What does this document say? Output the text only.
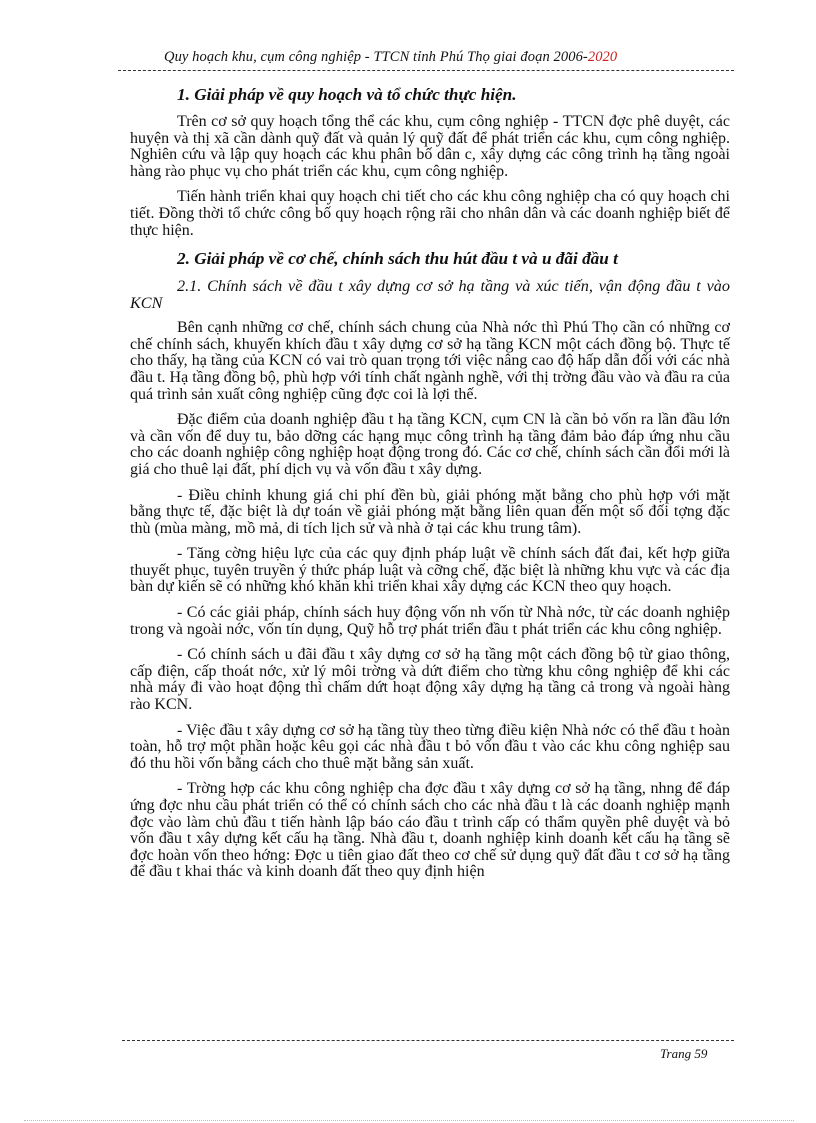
Quy hoạch khu, cụm công nghiệp - TTCN tỉnh Phú Thọ giai đoạn 2006-2020
1. Giải pháp về quy hoạch và tổ chức thực hiện.

Trên cơ sở quy hoạch tổng thể các khu, cụm công nghiệp - TTCN đợc phê duyệt, các huyện và thị xã cần dành quỹ đất và quản lý quỹ đất để phát triển các khu, cụm công nghiệp. Nghiên cứu và lập quy hoạch các khu phân bố dân c, xây dựng các công trình hạ tầng ngoài hàng rào phục vụ cho phát triển các khu, cụm công nghiệp.

Tiến hành triển khai quy hoạch chi tiết cho các khu công nghiệp cha có quy hoạch chi tiết. Đồng thời tổ chức công bố quy hoạch rộng rãi cho nhân dân và các doanh nghiệp biết để thực hiện.

2. Giải pháp về cơ chế, chính sách thu hút đầu t và u đãi đầu t
2.1. Chính sách về đầu t xây dựng cơ sở hạ tầng và xúc tiến, vận động đầu t vào KCN

Bên cạnh những cơ chế, chính sách chung của Nhà nớc thì Phú Thọ cần có những cơ chế chính sách, khuyến khích đầu t xây dựng cơ sở hạ tầng KCN một cách đồng bộ. Thực tế cho thấy, hạ tầng của KCN có vai trò quan trọng tới việc nâng cao độ hấp dẫn đối với các nhà đầu t. Hạ tầng đồng bộ, phù hợp với tính chất ngành nghề, với thị trờng đầu vào và đầu ra của quá trình sản xuất công nghiệp cũng đợc coi là lợi thế.

Đặc điểm của doanh nghiệp đầu t hạ tầng KCN, cụm CN là cần bỏ vốn ra lần đầu lớn và cần vốn để duy tu, bảo dỡng các hạng mục công trình hạ tầng đảm bảo đáp ứng nhu cầu cho các doanh nghiệp công nghiệp hoạt động trong đó. Các cơ chế, chính sách cần đổi mới là giá cho thuê lại đất, phí dịch vụ và vốn đầu t xây dựng.

- Điều chỉnh khung giá chi phí đền bù, giải phóng mặt bằng cho phù hợp với mặt bằng thực tế, đặc biệt là dự toán về giải phóng mặt bằng liên quan đến một số đối tợng đặc thù (mùa màng, mồ mả, di tích lịch sử và nhà ở tại các khu trung tâm).

- Tăng cờng hiệu lực của các quy định pháp luật về chính sách đất đai, kết hợp giữa thuyết phục, tuyên truyền ý thức pháp luật và cỡng chế, đặc biệt là những khu vực và các địa bàn dự kiến sẽ có những khó khăn khi triển khai xây dựng các KCN theo quy hoạch.

- Có các giải pháp, chính sách huy động vốn nh vốn từ Nhà nớc, từ các doanh nghiệp trong và ngoài nớc, vốn tín dụng, Quỹ hỗ trợ phát triển đầu t phát triển các khu công nghiệp.

- Có chính sách u đãi đầu t xây dựng cơ sở hạ tầng một cách đồng bộ từ giao thông, cấp điện, cấp thoát nớc, xử lý môi trờng và dứt điểm cho từng khu công nghiệp để khi các nhà máy đi vào hoạt động thì chấm dứt hoạt động xây dựng hạ tầng cả trong và ngoài hàng rào KCN.

- Việc đầu t xây dựng cơ sở hạ tầng tùy theo từng điều kiện Nhà nớc có thể đầu t hoàn toàn, hỗ trợ một phần hoặc kêu gọi các nhà đầu t bỏ vốn đầu t vào các khu công nghiệp sau đó thu hồi vốn bằng cách cho thuê mặt bằng sản xuất.

- Trờng hợp các khu công nghiệp cha đợc đầu t xây dựng cơ sở hạ tầng, nhng để đáp ứng đợc nhu cầu phát triển có thể có chính sách cho các nhà đầu t là các doanh nghiệp mạnh đợc vào làm chủ đầu t tiến hành lập báo cáo đầu t trình cấp có thẩm quyền phê duyệt và bỏ vốn đầu t xây dựng kết cấu hạ tầng. Nhà đầu t, doanh nghiệp kinh doanh kết cấu hạ tầng sẽ đợc hoàn vốn theo hớng: Đợc u tiên giao đất theo cơ chế sử dụng quỹ đất đầu t cơ sở hạ tầng để đầu t khai thác và kinh doanh đất theo quy định hiện

Trang 59
